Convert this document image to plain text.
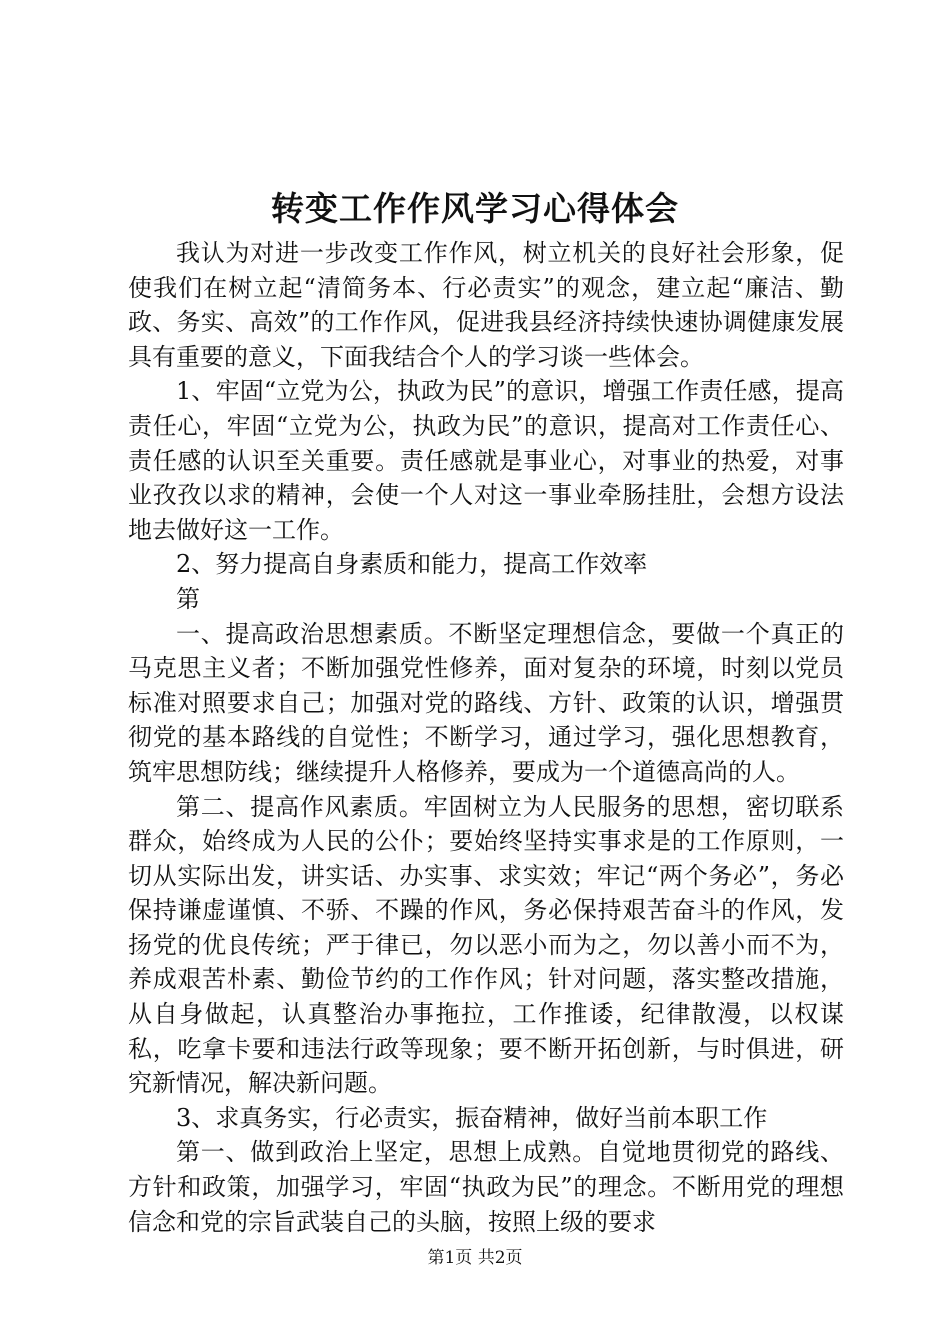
转变工作作风学习心得体会

我认为对进一步改变工作作风，树立机关的良好社会形象，促使我们在树立起“清简务本、行必责实”的观念，建立起“廉洁、勤政、务实、高效”的工作作风，促进我县经济持续快速协调健康发展具有重要的意义，下面我结合个人的学习谈一些体会。

1、牢固“立党为公，执政为民”的意识，增强工作责任感，提高责任心，牢固“立党为公，执政为民”的意识，提高对工作责任心、责任感的认识至关重要。责任感就是事业心，对事业的热爱，对事业孜孜以求的精神，会使一个人对这一事业牵肠挂肚，会想方设法地去做好这一工作。

2、努力提高自身素质和能力，提高工作效率

第

一、提高政治思想素质。不断坚定理想信念，要做一个真正的马克思主义者；不断加强党性修养，面对复杂的环境，时刻以党员标准对照要求自己；加强对党的路线、方针、政策的认识，增强贯彻党的基本路线的自觉性；不断学习，通过学习，强化思想教育，筑牢思想防线；继续提升人格修养，要成为一个道德高尚的人。

第二、提高作风素质。牢固树立为人民服务的思想，密切联系群众，始终成为人民的公仆；要始终坚持实事求是的工作原则，一切从实际出发，讲实话、办实事、求实效；牢记“两个务必”，务必保持谦虚谨慎、不骄、不躁的作风，务必保持艰苦奋斗的作风，发扬党的优良传统；严于律已，勿以恶小而为之，勿以善小而不为，养成艰苦朴素、勤俭节约的工作作风；针对问题，落实整改措施，从自身做起，认真整治办事拖拉，工作推诿，纪律散漫，以权谋私，吃拿卡要和违法行政等现象；要不断开拓创新，与时俱进，研究新情况，解决新问题。

3、求真务实，行必责实，振奋精神，做好当前本职工作

第一、做到政治上坚定，思想上成熟。自觉地贯彻党的路线、方针和政策，加强学习，牢固“执政为民”的理念。不断用党的理想信念和党的宗旨武装自己的头脑，按照上级的要求

第1页 共2页
